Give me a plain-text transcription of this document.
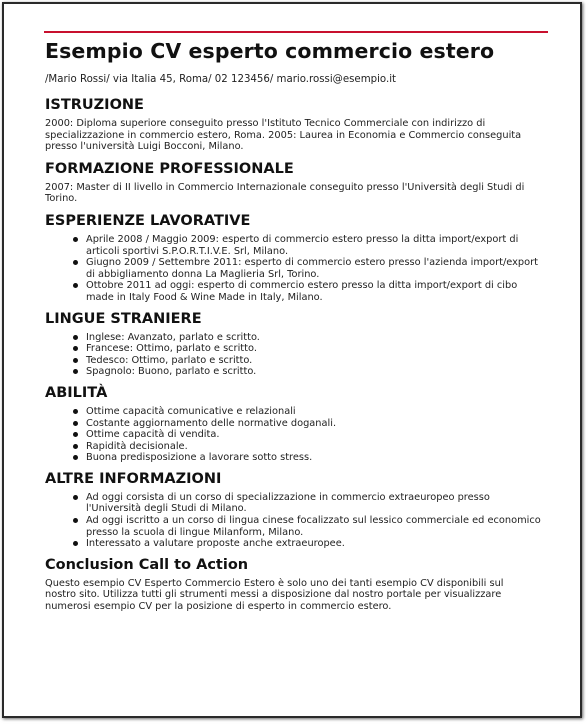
Esempio CV esperto commercio estero
/Mario Rossi/ via Italia 45, Roma/ 02 123456/ mario.rossi@esempio.it
ISTRUZIONE

2000: Diploma superiore conseguito presso l'Istituto Tecnico Commerciale con indirizzo di specializzazione in commercio estero, Roma. 2005: Laurea in Economia e Commercio conseguita presso l'università Luigi Bocconi, Milano.

FORMAZIONE PROFESSIONALE

2007: Master di II livello in Commercio Internazionale conseguito presso l'Università degli Studi di Torino.

ESPERIENZE LAVORATIVE
Aprile 2008 / Maggio 2009: esperto di commercio estero presso la ditta import/export di articoli sportivi S.P.O.R.T.I.V.E. Srl, Milano.
Giugno 2009 / Settembre 2011: esperto di commercio estero presso l'azienda import/export di abbigliamento donna La Maglieria Srl, Torino.
Ottobre 2011 ad oggi: esperto di commercio estero presso la ditta import/export di cibo made in Italy Food & Wine Made in Italy, Milano.
LINGUE STRANIERE
Inglese: Avanzato, parlato e scritto.
Francese: Ottimo, parlato e scritto.
Tedesco: Ottimo, parlato e scritto.
Spagnolo: Buono, parlato e scritto.
ABILITÀ
Ottime capacità comunicative e relazionali
Costante aggiornamento delle normative doganali.
Ottime capacità di vendita.
Rapidità decisionale.
Buona predisposizione a lavorare sotto stress.
ALTRE INFORMAZIONI
Ad oggi corsista di un corso di specializzazione in commercio extraeuropeo presso l'Università degli Studi di Milano.
Ad oggi iscritto a un corso di lingua cinese focalizzato sul lessico commerciale ed economico presso la scuola di lingue Milanform, Milano.
Interessato a valutare proposte anche extraeuropee.
Conclusion Call to Action

Questo esempio CV Esperto Commercio Estero è solo uno dei tanti esempio CV disponibili sul nostro sito. Utilizza tutti gli strumenti messi a disposizione dal nostro portale per visualizzare numerosi esempio CV per la posizione di esperto in commercio estero.
